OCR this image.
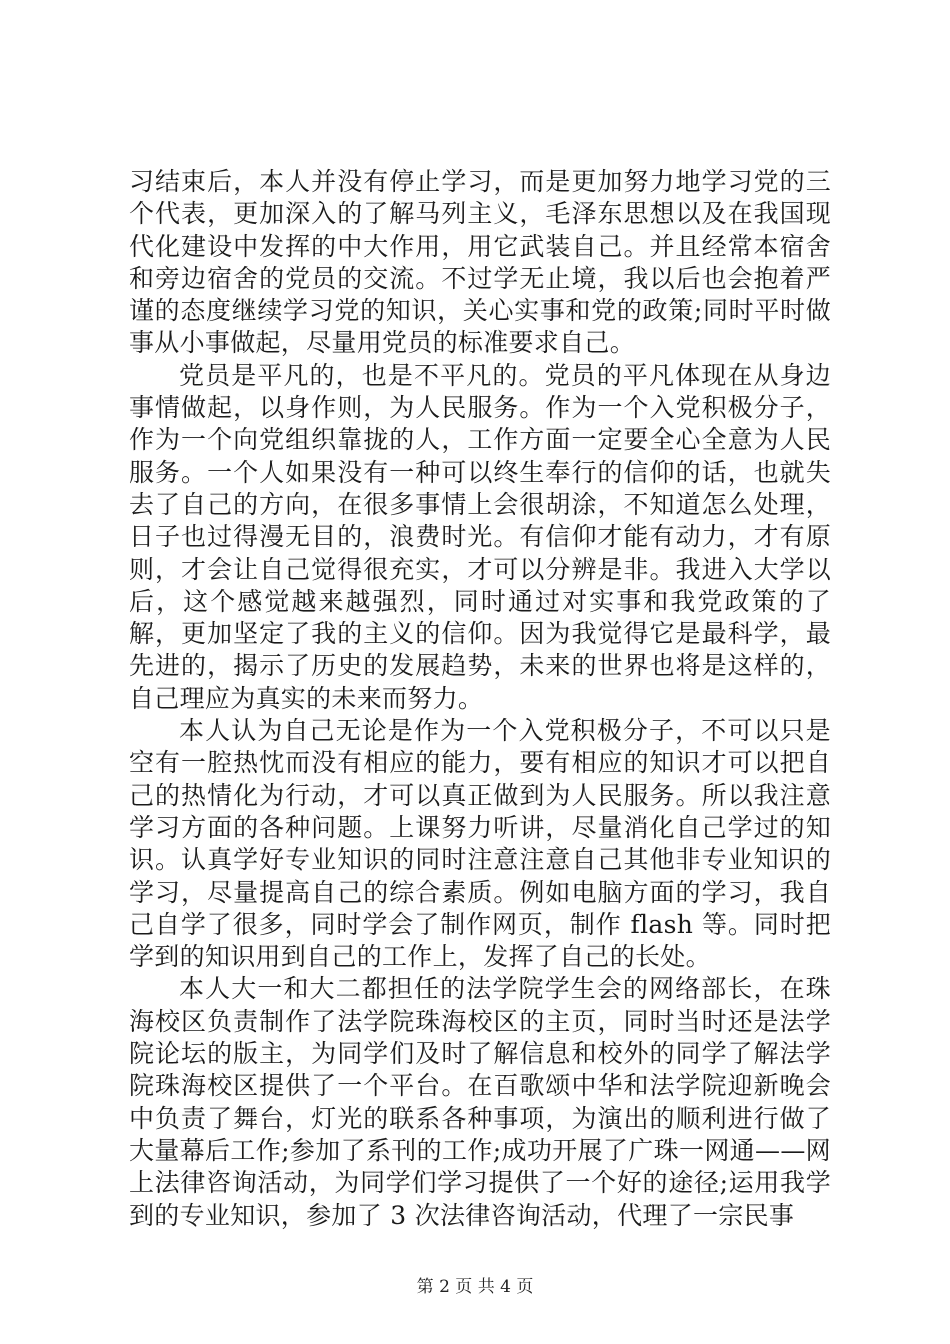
习结束后，本人并没有停止学习，而是更加努力地学习党的三个代表，更加深入的了解马列主义，毛泽东思想以及在我国现代化建设中发挥的中大作用，用它武装自己。并且经常本宿舍和旁边宿舍的党员的交流。不过学无止境，我以后也会抱着严谨的态度继续学习党的知识，关心实事和党的政策;同时平时做事从小事做起，尽量用党员的标准要求自己。

党员是平凡的，也是不平凡的。党员的平凡体现在从身边事情做起，以身作则，为人民服务。作为一个入党积极分子，作为一个向党组织靠拢的人，工作方面一定要全心全意为人民服务。一个人如果没有一种可以终生奉行的信仰的话，也就失去了自己的方向，在很多事情上会很胡涂，不知道怎么处理，日子也过得漫无目的，浪费时光。有信仰才能有动力，才有原则，才会让自己觉得很充实，才可以分辨是非。我进入大学以后，这个感觉越来越强烈，同时通过对实事和我党政策的了解，更加坚定了我的主义的信仰。因为我觉得它是最科学，最先进的，揭示了历史的发展趋势，未来的世界也将是这样的，自己理应为真实的未来而努力。

本人认为自己无论是作为一个入党积极分子，不可以只是空有一腔热忱而没有相应的能力，要有相应的知识才可以把自己的热情化为行动，才可以真正做到为人民服务。所以我注意学习方面的各种问题。上课努力听讲，尽量消化自己学过的知识。认真学好专业知识的同时注意注意自己其他非专业知识的学习，尽量提高自己的综合素质。例如电脑方面的学习，我自己自学了很多，同时学会了制作网页，制作 flash 等。同时把学到的知识用到自己的工作上，发挥了自己的长处。

本人大一和大二都担任的法学院学生会的网络部长，在珠海校区负责制作了法学院珠海校区的主页，同时当时还是法学院论坛的版主，为同学们及时了解信息和校外的同学了解法学院珠海校区提供了一个平台。在百歌颂中华和法学院迎新晚会中负责了舞台，灯光的联系各种事项，为演出的顺利进行做了大量幕后工作;参加了系刊的工作;成功开展了广珠一网通——网上法律咨询活动，为同学们学习提供了一个好的途径;运用我学到的专业知识，参加了 3 次法律咨询活动，代理了一宗民事

第 2 页 共 4 页
